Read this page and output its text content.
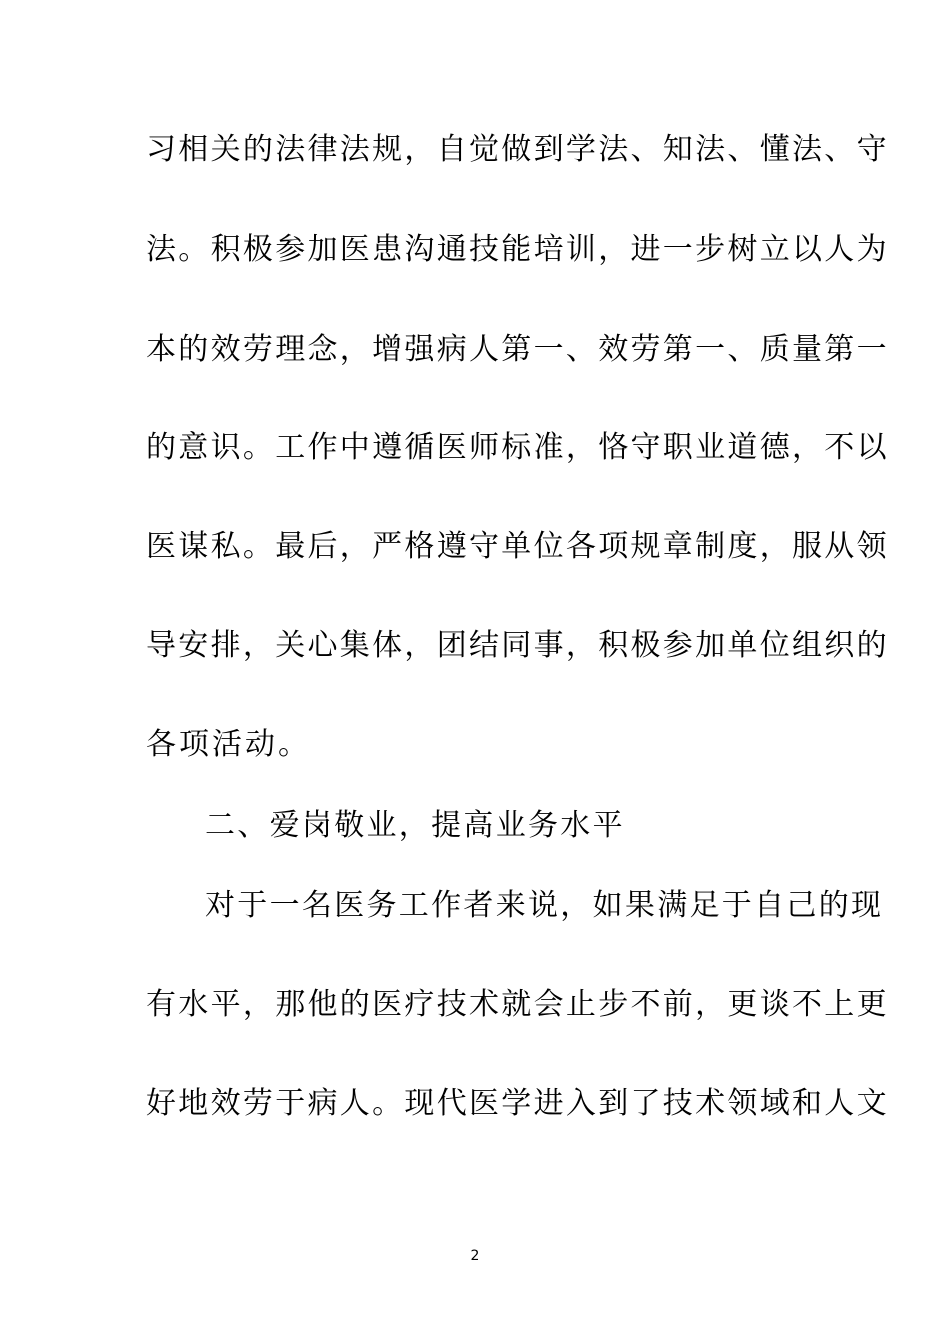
习相关的法律法规，自觉做到学法、知法、懂法、守
法。积极参加医患沟通技能培训，进一步树立以人为
本的效劳理念，增强病人第一、效劳第一、质量第一
的意识。工作中遵循医师标准，恪守职业道德，不以
医谋私。最后，严格遵守单位各项规章制度，服从领
导安排，关心集体，团结同事，积极参加单位组织的
各项活动。
二、爱岗敬业，提高业务水平
对于一名医务工作者来说，如果满足于自己的现
有水平，那他的医疗技术就会止步不前，更谈不上更
好地效劳于病人。现代医学进入到了技术领域和人文
2
